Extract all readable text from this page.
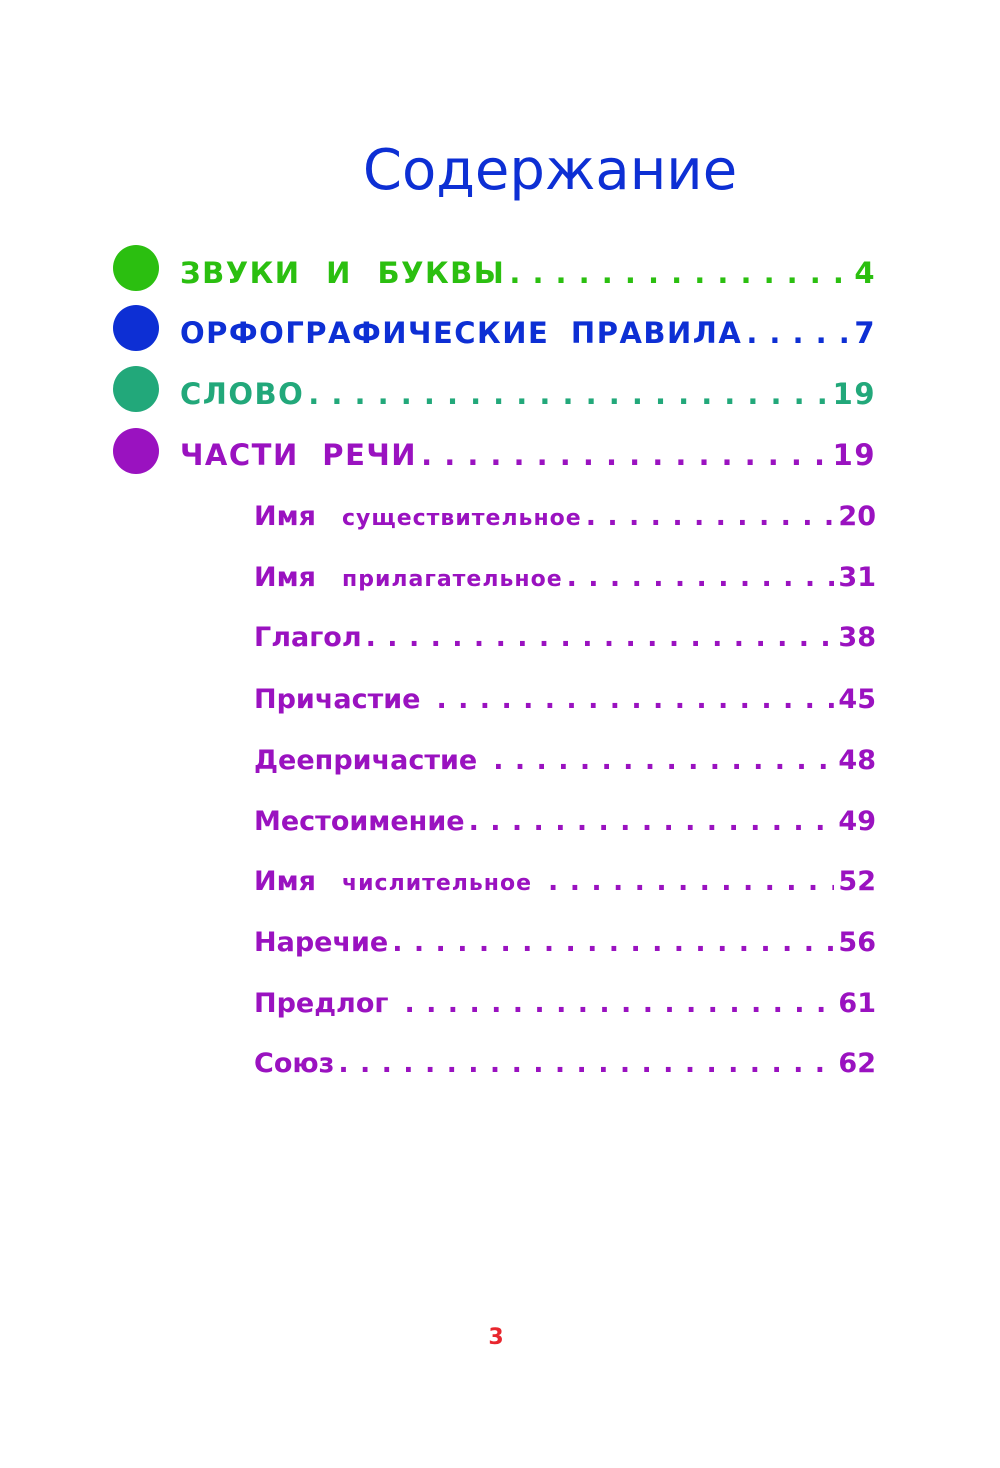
Содержание
ЗВУКИ И БУКВЫ . . .	4
ОРФОГРАФИЧЕСКИЕ ПРАВИЛА . . .	7
СЛОВО . . .	19
ЧАСТИ РЕЧИ . . .	19
Имя существительное . . .	20
Имя прилагательное . . .	31
Глагол . . .	38
Причастие . . .	45
Деепричастие . . .	48
Местоимение . . .	49
Имя числительное . . .	52
Наречие . . .	56
Предлог . . .	61
Союз . . .	62
3
